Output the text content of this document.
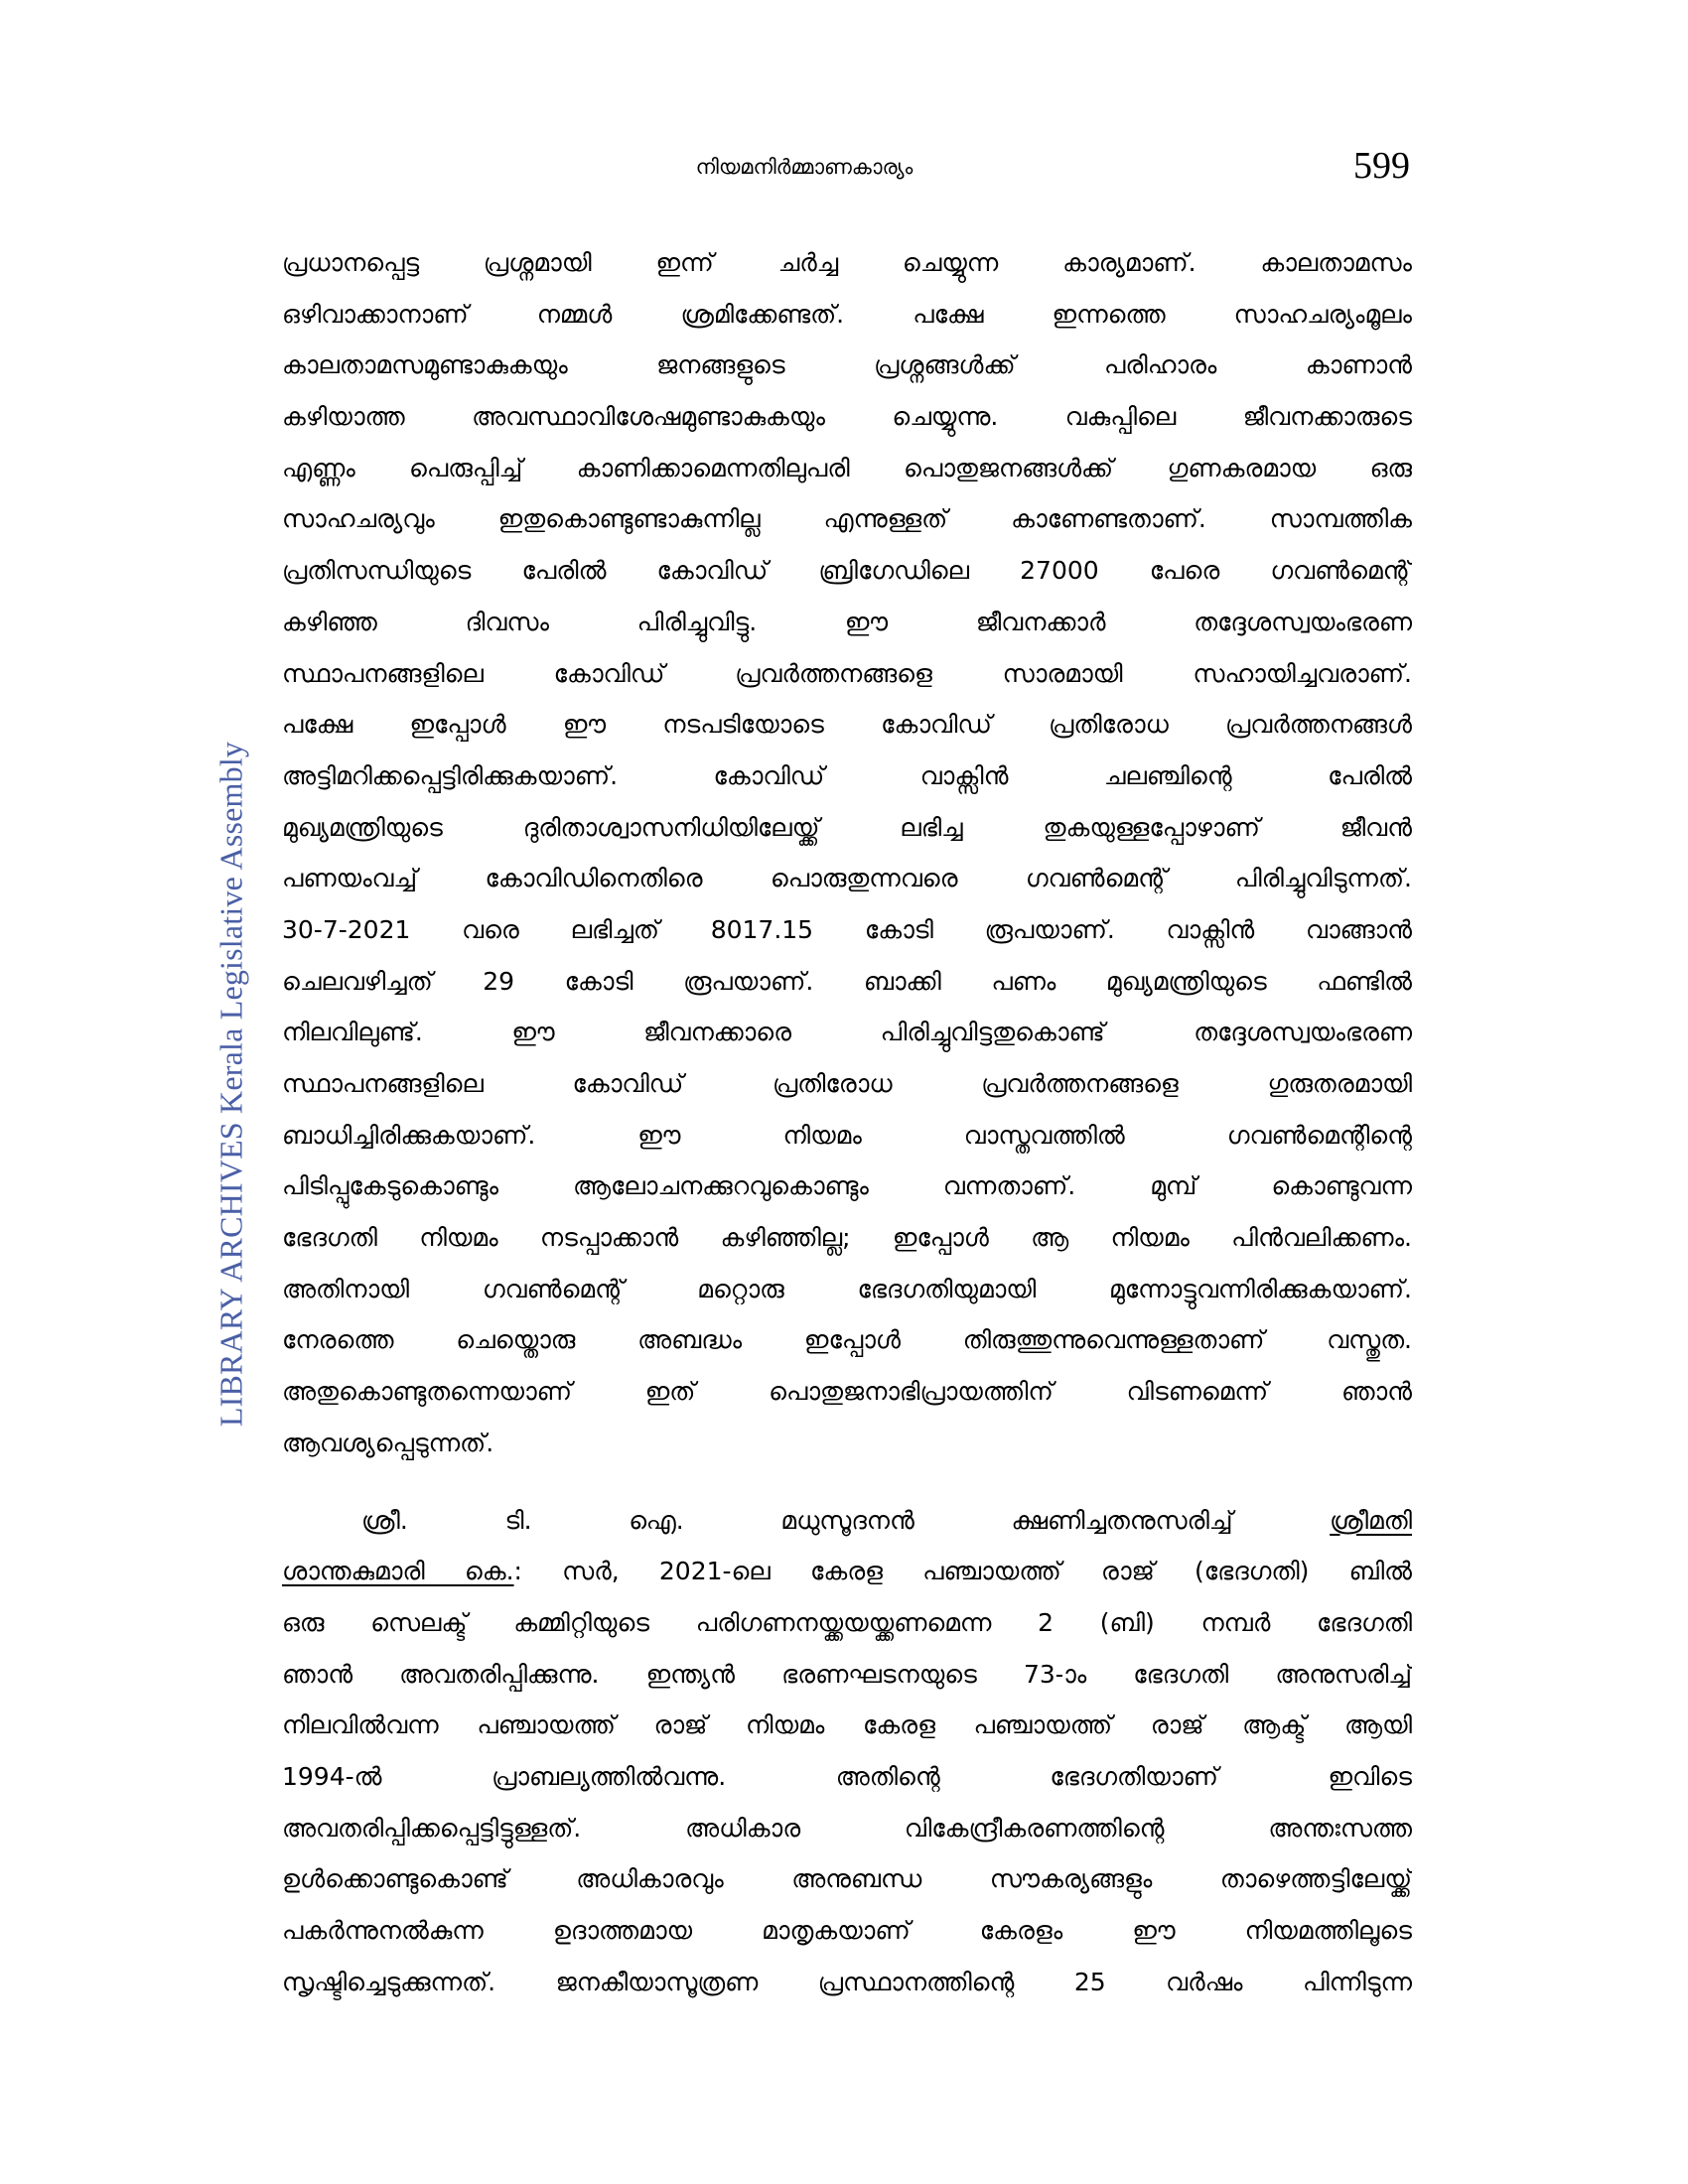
നിയമനിർമ്മാണകാര്യം	599
LIBRARY ARCHIVES Kerala Legislative Assembly
പ്രധാനപ്പെട്ട പ്രശ്നമായി ഇന്ന് ചർച്ച ചെയ്യുന്ന കാര്യമാണ്. കാലതാമസം
ഒഴിവാക്കാനാണ് നമ്മൾ ശ്രമിക്കേണ്ടത്. പക്ഷേ ഇന്നത്തെ സാഹചര്യംമൂലം
കാലതാമസമുണ്ടാകുകയും ജനങ്ങളുടെ പ്രശ്നങ്ങൾക്ക് പരിഹാരം കാണാൻ
കഴിയാത്ത അവസ്ഥാവിശേഷമുണ്ടാകുകയും ചെയ്യുന്നു. വകുപ്പിലെ ജീവനക്കാരുടെ
എണ്ണം പെരുപ്പിച്ച് കാണിക്കാമെന്നതിലുപരി പൊതുജനങ്ങൾക്ക് ഗുണകരമായ ഒരു
സാഹചര്യവും ഇതുകൊണ്ടുണ്ടാകുന്നില്ല എന്നുള്ളത് കാണേണ്ടതാണ്. സാമ്പത്തിക
പ്രതിസന്ധിയുടെ പേരിൽ കോവിഡ് ബ്രിഗേഡിലെ 27000 പേരെ ഗവൺമെന്റ്
കഴിഞ്ഞ ദിവസം പിരിച്ചുവിട്ടു. ഈ ജീവനക്കാർ തദ്ദേശസ്വയംഭരണ
സ്ഥാപനങ്ങളിലെ കോവിഡ് പ്രവർത്തനങ്ങളെ സാരമായി സഹായിച്ചവരാണ്.
പക്ഷേ ഇപ്പോൾ ഈ നടപടിയോടെ കോവിഡ് പ്രതിരോധ പ്രവർത്തനങ്ങൾ
അട്ടിമറിക്കപ്പെട്ടിരിക്കുകയാണ്. കോവിഡ് വാക്സിൻ ചലഞ്ചിന്റെ പേരിൽ
മുഖ്യമന്ത്രിയുടെ ദുരിതാശ്വാസനിധിയിലേയ്ക്ക് ലഭിച്ച തുകയുള്ളപ്പോഴാണ് ജീവൻ
പണയംവച്ച് കോവിഡിനെതിരെ പൊരുതുന്നവരെ ഗവൺമെന്റ് പിരിച്ചുവിടുന്നത്.
30-7-2021 വരെ ലഭിച്ചത് 8017.15 കോടി രൂപയാണ്. വാക്സിൻ വാങ്ങാൻ
ചെലവഴിച്ചത് 29 കോടി രൂപയാണ്. ബാക്കി പണം മുഖ്യമന്ത്രിയുടെ ഫണ്ടിൽ
നിലവിലുണ്ട്. ഈ ജീവനക്കാരെ പിരിച്ചുവിട്ടതുകൊണ്ട് തദ്ദേശസ്വയംഭരണ
സ്ഥാപനങ്ങളിലെ കോവിഡ് പ്രതിരോധ പ്രവർത്തനങ്ങളെ ഗുരുതരമായി
ബാധിച്ചിരിക്കുകയാണ്. ഈ നിയമം വാസ്തവത്തിൽ ഗവൺമെന്റിന്റെ
പിടിപ്പുകേടുകൊണ്ടും ആലോചനക്കുറവുകൊണ്ടും വന്നതാണ്. മുമ്പ് കൊണ്ടുവന്ന
ഭേദഗതി നിയമം നടപ്പാക്കാൻ കഴിഞ്ഞില്ല; ഇപ്പോൾ ആ നിയമം പിൻവലിക്കണം.
അതിനായി ഗവൺമെന്റ് മറ്റൊരു ഭേദഗതിയുമായി മുന്നോട്ടുവന്നിരിക്കുകയാണ്.
നേരത്തെ ചെയ്തൊരു അബദ്ധം ഇപ്പോൾ തിരുത്തുന്നുവെന്നുള്ളതാണ് വസ്തുത.
അതുകൊണ്ടുതന്നെയാണ് ഇത് പൊതുജനാഭിപ്രായത്തിന് വിടണമെന്ന് ഞാൻ
ആവശ്യപ്പെടുന്നത്.
ശ്രീ. ടി. ഐ. മധുസൂദനൻ ക്ഷണിച്ചതനുസരിച്ച്	ശ്രീമതി
ശാന്തകുമാരി കെ.: സർ, 2021-ലെ കേരള പഞ്ചായത്ത് രാജ് (ഭേദഗതി) ബിൽ
ഒരു സെലക്ട് കമ്മിറ്റിയുടെ പരിഗണനയ്ക്കയയ്ക്കണമെന്ന 2 (ബി) നമ്പർ ഭേദഗതി
ഞാൻ അവതരിപ്പിക്കുന്നു. ഇന്ത്യൻ ഭരണഘടനയുടെ 73-ാം ഭേദഗതി അനുസരിച്ച്
നിലവിൽവന്ന പഞ്ചായത്ത് രാജ് നിയമം കേരള പഞ്ചായത്ത് രാജ് ആക്ട് ആയി
1994-ൽ പ്രാബല്യത്തിൽവന്നു. അതിന്റെ ഭേദഗതിയാണ് ഇവിടെ
അവതരിപ്പിക്കപ്പെട്ടിട്ടുള്ളത്. അധികാര വികേന്ദ്രീകരണത്തിന്റെ അന്തഃസത്ത
ഉൾക്കൊണ്ടുകൊണ്ട് അധികാരവും അനുബന്ധ സൗകര്യങ്ങളും താഴെത്തട്ടിലേയ്ക്ക്
പകർന്നുനൽകുന്ന ഉദാത്തമായ മാതൃകയാണ് കേരളം ഈ നിയമത്തിലൂടെ
സൃഷ്ടിച്ചെടുക്കുന്നത്. ജനകീയാസൂത്രണ പ്രസ്ഥാനത്തിന്റെ 25 വർഷം പിന്നിടുന്ന
